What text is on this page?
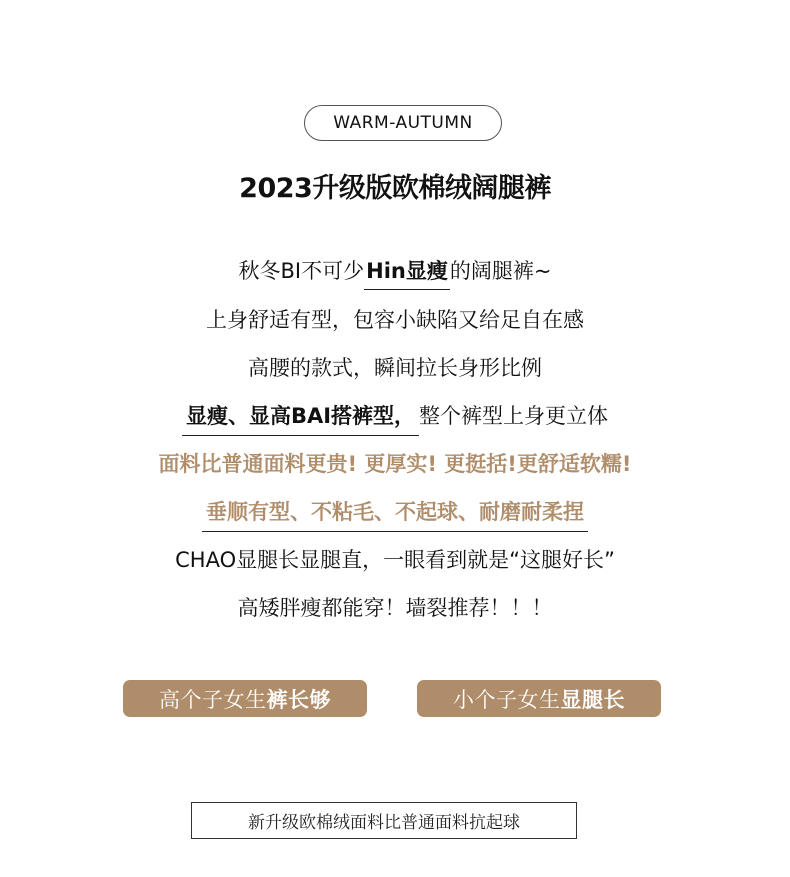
WARM-AUTUMN
2023升级版欧棉绒阔腿裤
秋冬BI不可少Hin显瘦的阔腿裤~
上身舒适有型，包容小缺陷又给足自在感
高腰的款式，瞬间拉长身形比例
显瘦、显高BAI搭裤型， 整个裤型上身更立体
面料比普通面料更贵! 更厚实! 更挺括!更舒适软糯!
垂顺有型、不粘毛、不起球、耐磨耐柔捏
CHAO显腿长显腿直，一眼看到就是“这腿好长”
高矮胖瘦都能穿！墙裂推荐！！！
高个子女生 裤长够	小个子女生 显腿长
新升级欧棉绒面料比普通面料抗起球
